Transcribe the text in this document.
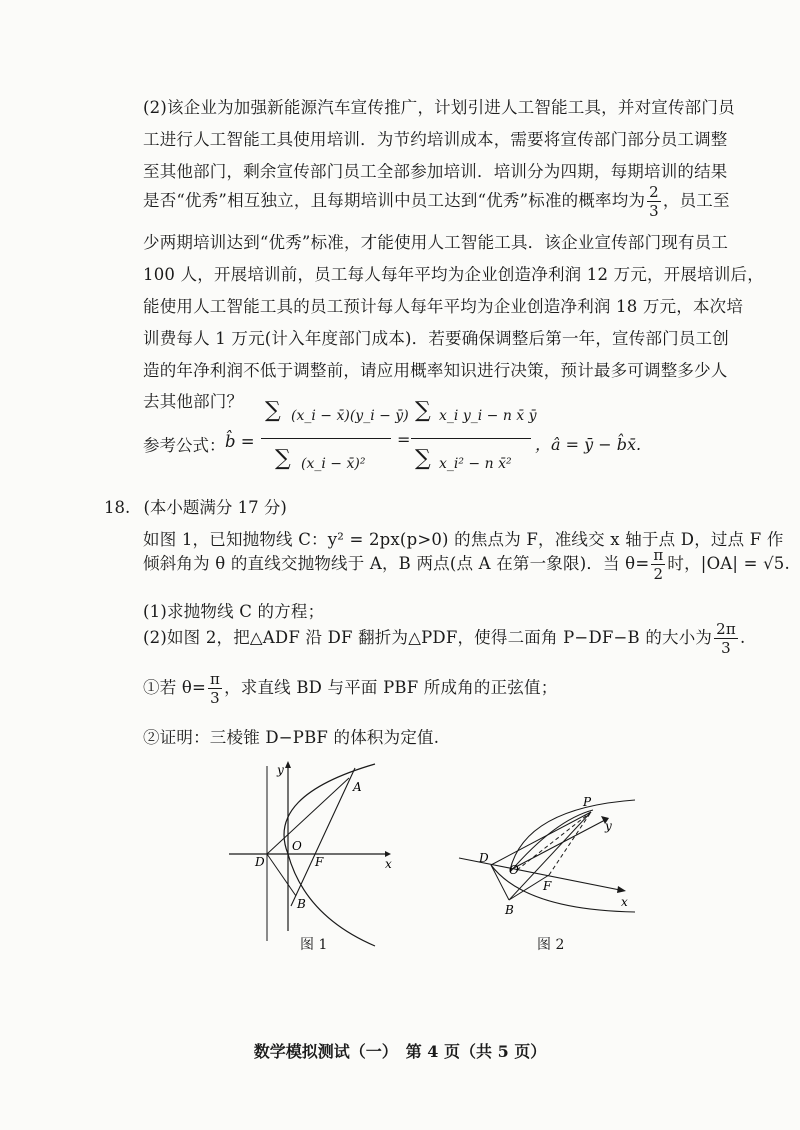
(2)该企业为加强新能源汽车宣传推广，计划引进人工智能工具，并对宣传部门员
工进行人工智能工具使用培训．为节约培训成本，需要将宣传部门部分员工调整
至其他部门，剩余宣传部门员工全部参加培训．培训分为四期，每期培训的结果
是否“优秀”相互独立，且每期培训中员工达到“优秀”标准的概率均为 $\frac{2}{3}$ ，员工至
少两期培训达到“优秀”标准，才能使用人工智能工具．该企业宣传部门现有员工
100 人，开展培训前，员工每人每年平均为企业创造净利润 12 万元，开展培训后，
能使用人工智能工具的员工预计每人每年平均为企业创造净利润 18 万元，本次培
训费每人 1 万元(计入年度部门成本)．若要确保调整后第一年，宣传部门员工创
造的年净利润不低于调整前，请应用概率知识进行决策，预计最多可调整多少人
去其他部门？
参考公式： b̂ =
∑ (x_i − x̄)(y_i − ȳ)
∑ (x_i − x̄)²
=
∑ x_i y_i − n x̄ ȳ
∑ x_i² − n x̄²
，â = ȳ − b̂x̄.
18. (本小题满分 17 分)
如图 1，已知抛物线 C：y² = 2px(p>0) 的焦点为 F，准线交 x 轴于点 D，过点 F 作
倾斜角为 θ 的直线交抛物线于 A，B 两点(点 A 在第一象限)．当 $\theta= \frac{\pi}{2}$ 时，|OA| = √5.
(1)求抛物线 C 的方程；
(2)如图 2，把△ADF 沿 DF 翻折为△PDF，使得二面角 P−DF−B 的大小为 $\frac{2\pi}{3}$ .
①若 $\theta= \frac{\pi}{3}$ ，求直线 BD 与平面 PBF 所成角的正弦值；
②证明：三棱锥 D−PBF 的体积为定值.
y
x
A
O
D	F
B
图 1
P
y
D
O
F
B
x
图 2
数学模拟测试（一）　第 4 页（共 5 页）
